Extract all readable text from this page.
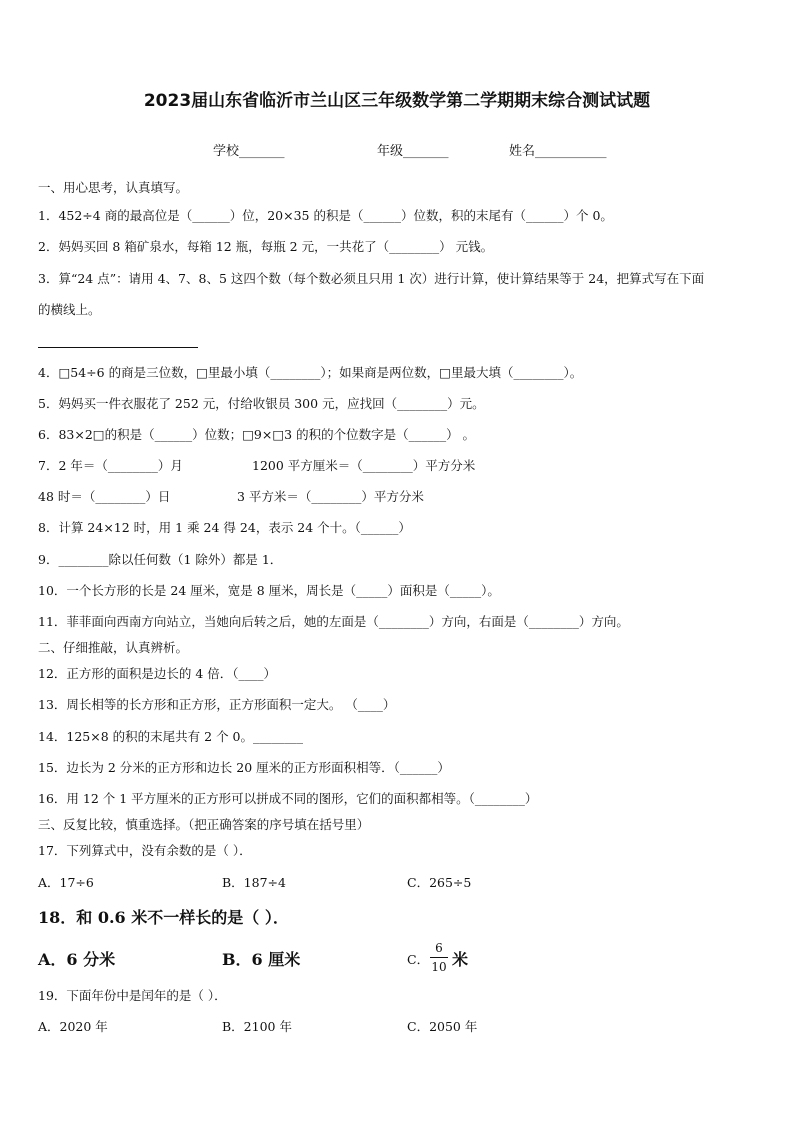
2023届山东省临沂市兰山区三年级数学第二学期期末综合测试试题
学校_______	年级_______	姓名___________
一、用心思考，认真填写。
1．452÷4 商的最高位是（______）位，20×35 的积是（______）位数，积的末尾有（______）个 0。
2．妈妈买回 8 箱矿泉水，每箱 12 瓶，每瓶 2 元，一共花了（________） 元钱。
3．算“24 点”：请用 4、7、8、5 这四个数（每个数必须且只用 1 次）进行计算，使计算结果等于 24，把算式写在下面
的横线上。
4．□54÷6 的商是三位数，□里最小填（________）；如果商是两位数，□里最大填（________）。
5．妈妈买一件衣服花了 252 元，付给收银员 300 元，应找回（________）元。
6．83×2□的积是（______）位数；□9×□3 的积的个位数字是（______） 。
7．2 年＝（________）月	1200 平方厘米＝（________）平方分米
48 时＝（________）日	3 平方米＝（________）平方分米
8．计算 24×12 时，用 1 乘 24 得 24，表示 24 个十。（______）
9．________除以任何数（1 除外）都是 1．
10．一个长方形的长是 24 厘米，宽是 8 厘米，周长是（_____）面积是（_____）。
11．菲菲面向西南方向站立，当她向后转之后，她的左面是（________）方向，右面是（________）方向。
二、仔细推敲，认真辨析。
12．正方形的面积是边长的 4 倍．（____）
13．周长相等的长方形和正方形，正方形面积一定大。 （____）
14．125×8 的积的末尾共有 2 个 0。________
15．边长为 2 分米的正方形和边长 20 厘米的正方形面积相等．（______）
16．用 12 个 1 平方厘米的正方形可以拼成不同的图形，它们的面积都相等。（________）
三、反复比较，慎重选择。（把正确答案的序号填在括号里）
17．下列算式中，没有余数的是（ ）．
A．17÷6	B．187÷4	C．265÷5
18．和 0.6 米不一样长的是（ ）．
A．6 分米	B．6 厘米	C．
6
10 米
19．下面年份中是闰年的是（ ）．
A．2020 年	B．2100 年	C．2050 年
